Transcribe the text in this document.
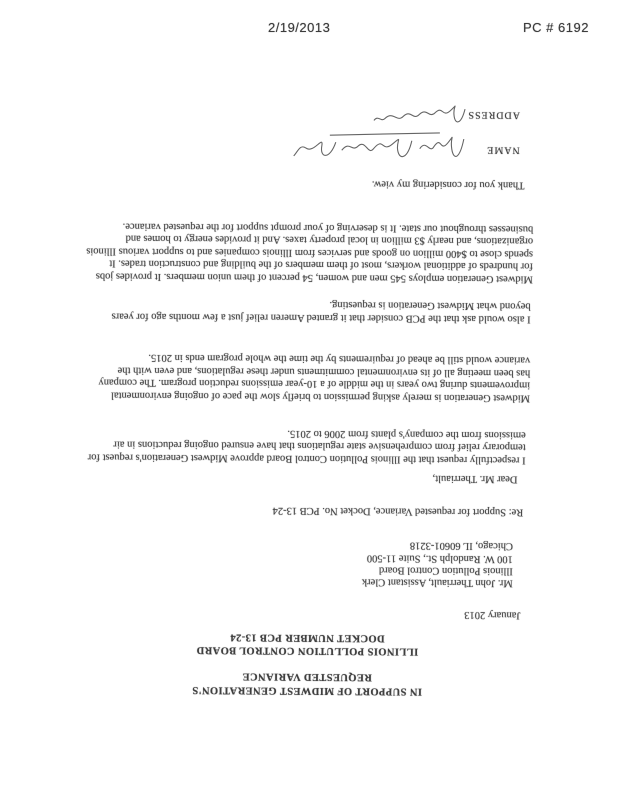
2/19/2013	PC # 6192
IN SUPPORT OF MIDWEST GENERATION'S
REQUESTED VARIANCE
ILLINOIS POLLUTION CONTROL BOARD
DOCKET NUMBER PCB 13-24
January 2013
Mr. John Therriault, Assistant Clerk
Illinois Pollution Control Board
100 W. Randolph St., Suite 11-500
Chicago, IL 60601-3218
Re: Support for requested Variance, Docket No. PCB 13-24
Dear Mr. Therriault,
I respectfully request that the Illinois Pollution Control Board approve Midwest Generation's request for temporary relief from comprehensive state regulations that have ensured ongoing reductions in air emissions from the company's plants from 2006 to 2015.
Midwest Generation is merely asking permission to briefly slow the pace of ongoing environmental improvements during two years in the middle of a 10-year emissions reduction program. The company has been meeting all of its environmental commitments under these regulations, and even with the variance would still be ahead of requirements by the time the whole program ends in 2015.
I also would ask that the PCB consider that it granted Ameren relief just a few months ago for years beyond what Midwest Generation is requesting.
Midwest Generation employs 545 men and women, 54 percent of them union members. It provides jobs for hundreds of additional workers, most of them members of the building and construction trades. It spends close to $400 million on goods and services from Illinois companies and to support various Illinois organizations, and nearly $3 million in local property taxes. And it provides energy to homes and businesses throughout our state. It is deserving of your prompt support for the requested variance.
Thank you for considering my view.
NAME
ADDRESS
